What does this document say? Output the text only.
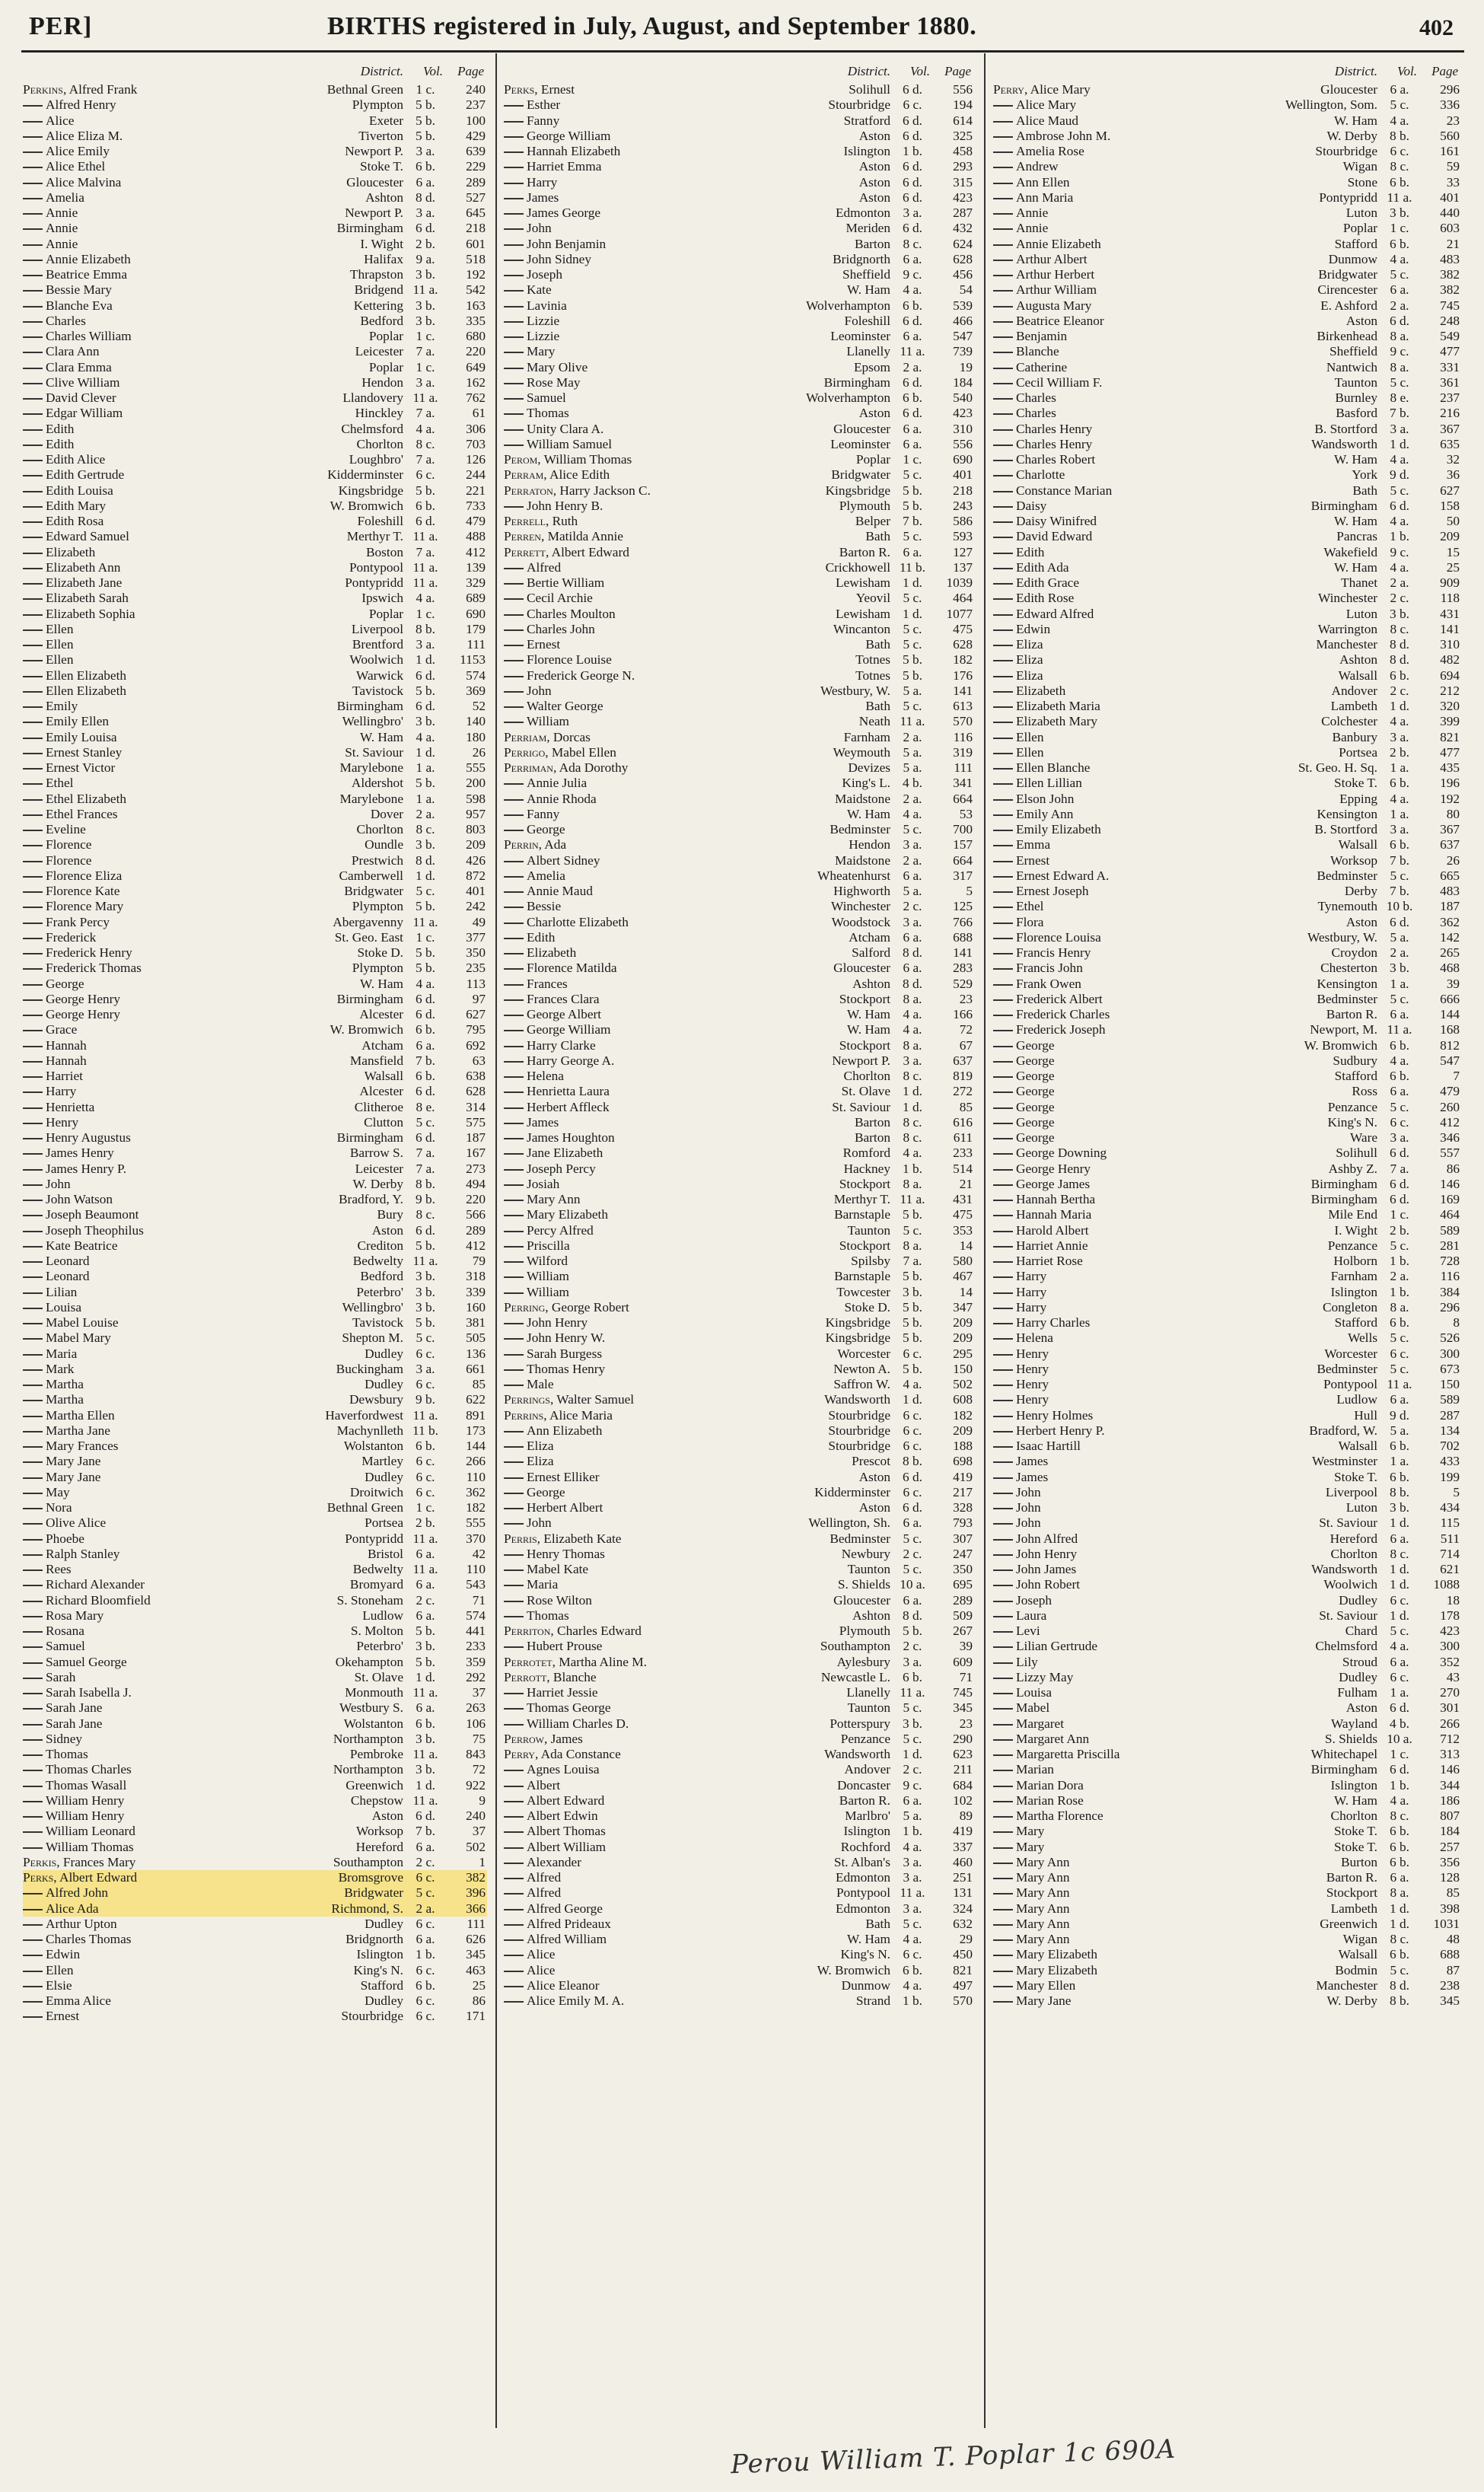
PER]	BIRTHS registered in July, August, and September 1880.	402
District. Vol. Page
Perkins, Alfred Frank	Bethnal Green 1 c.	240
Alfred Henry	Plympton 5 b.	237
Alice	Exeter 5 b.	100
Alice Eliza M.	Tiverton 5 b.	429
Alice Emily	Newport P. 3 a.	639
Alice Ethel	Stoke T. 6 b.	229
Alice Malvina	Gloucester 6 a.	289
Amelia	Ashton 8 d.	527
Annie	Newport P. 3 a.	645
Annie	Birmingham 6 d.	218
Annie	I. Wight 2 b.	601
Annie Elizabeth	Halifax 9 a.	518
Beatrice Emma	Thrapston 3 b.	192
Bessie Mary	Bridgend 11 a.	542
Blanche Eva	Kettering 3 b.	163
Charles	Bedford 3 b.	335
Charles William	Poplar 1 c.	680
Clara Ann	Leicester 7 a.	220
Clara Emma	Poplar 1 c.	649
Clive William	Hendon 3 a.	162
David Clever	Llandovery 11 a.	762
Edgar William	Hinckley 7 a.	61
Edith	Chelmsford 4 a.	306
Edith	Chorlton 8 c.	703
Edith Alice	Loughbro' 7 a.	126
Edith Gertrude	Kidderminster 6 c.	244
Edith Louisa	Kingsbridge 5 b.	221
Edith Mary	W. Bromwich 6 b.	733
Edith Rosa	Foleshill 6 d.	479
Edward Samuel	Merthyr T. 11 a.	488
Elizabeth	Boston 7 a.	412
Elizabeth Ann	Pontypool 11 a.	139
Elizabeth Jane	Pontypridd 11 a.	329
Elizabeth Sarah	Ipswich 4 a.	689
Elizabeth Sophia	Poplar 1 c.	690
Ellen	Liverpool 8 b.	179
Ellen	Brentford 3 a.	111
Ellen	Woolwich 1 d.	1153
Ellen Elizabeth	Warwick 6 d.	574
Ellen Elizabeth	Tavistock 5 b.	369
Emily	Birmingham 6 d.	52
Emily Ellen	Wellingbro' 3 b.	140
Emily Louisa	W. Ham 4 a.	180
Ernest Stanley	St. Saviour 1 d.	26
Ernest Victor	Marylebone 1 a.	555
Ethel	Aldershot 5 b.	200
Ethel Elizabeth	Marylebone 1 a.	598
Ethel Frances	Dover 2 a.	957
Eveline	Chorlton 8 c.	803
Florence	Oundle 3 b.	209
Florence	Prestwich 8 d.	426
Florence Eliza	Camberwell 1 d.	872
Florence Kate	Bridgwater 5 c.	401
Florence Mary	Plympton 5 b.	242
Frank Percy	Abergavenny 11 a.	49
Frederick	St. Geo. East 1 c.	377
Frederick Henry	Stoke D. 5 b.	350
Frederick Thomas	Plympton 5 b.	235
George	W. Ham 4 a.	113
George Henry	Birmingham 6 d.	97
George Henry	Alcester 6 d.	627
Grace	W. Bromwich 6 b.	795
Hannah	Atcham 6 a.	692
Hannah	Mansfield 7 b.	63
Harriet	Walsall 6 b.	638
Harry	Alcester 6 d.	628
Henrietta	Clitheroe 8 e.	314
Henry	Clutton 5 c.	575
Henry Augustus	Birmingham 6 d.	187
James Henry	Barrow S. 7 a.	167
James Henry P.	Leicester 7 a.	273
John	W. Derby 8 b.	494
John Watson	Bradford, Y. 9 b.	220
Joseph Beaumont	Bury 8 c.	566
Joseph Theophilus	Aston 6 d.	289
Kate Beatrice	Crediton 5 b.	412
Leonard	Bedwelty 11 a.	79
Leonard	Bedford 3 b.	318
Lilian	Peterbro' 3 b.	339
Louisa	Wellingbro' 3 b.	160
Mabel Louise	Tavistock 5 b.	381
Mabel Mary	Shepton M. 5 c.	505
Maria	Dudley 6 c.	136
Mark	Buckingham 3 a.	661
Martha	Dudley 6 c.	85
Martha	Dewsbury 9 b.	622
Martha Ellen	Haverfordwest 11 a.	891
Martha Jane	Machynlleth 11 b.	173
Mary Frances	Wolstanton 6 b.	144
Mary Jane	Martley 6 c.	266
Mary Jane	Dudley 6 c.	110
May	Droitwich 6 c.	362
Nora	Bethnal Green 1 c.	182
Olive Alice	Portsea 2 b.	555
Phoebe	Pontypridd 11 a.	370
Ralph Stanley	Bristol 6 a.	42
Rees	Bedwelty 11 a.	110
Richard Alexander	Bromyard 6 a.	543
Richard Bloomfield	S. Stoneham 2 c.	71
Rosa Mary	Ludlow 6 a.	574
Rosana	S. Molton 5 b.	441
Samuel	Peterbro' 3 b.	233
Samuel George	Okehampton 5 b.	359
Sarah	St. Olave 1 d.	292
Sarah Isabella J.	Monmouth 11 a.	37
Sarah Jane	Westbury S. 6 a.	263
Sarah Jane	Wolstanton 6 b.	106
Sidney	Northampton 3 b.	75
Thomas	Pembroke 11 a.	843
Thomas Charles	Northampton 3 b.	72
Thomas Wasall	Greenwich 1 d.	922
William Henry	Chepstow 11 a.	9
William Henry	Aston 6 d.	240
William Leonard	Worksop 7 b.	37
William Thomas	Hereford 6 a.	502
Perkis, Frances Mary	Southampton 2 c.	1
Perks, Albert Edward	Bromsgrove 6 c.	382
Alfred John	Bridgwater 5 c.	396
Alice Ada	Richmond, S. 2 a.	366
Arthur Upton	Dudley 6 c.	111
Charles Thomas	Bridgnorth 6 a.	626
Edwin	Islington 1 b.	345
Ellen	King's N. 6 c.	463
Elsie	Stafford 6 b.	25
Emma Alice	Dudley 6 c.	86
Ernest	Stourbridge 6 c.	171
District. Vol. Page
Perks, Ernest	Solihull 6 d.	556
Esther	Stourbridge 6 c.	194
Fanny	Stratford 6 d.	614
George William	Aston 6 d.	325
Hannah Elizabeth	Islington 1 b.	458
Harriet Emma	Aston 6 d.	293
Harry	Aston 6 d.	315
James	Aston 6 d.	423
James George	Edmonton 3 a.	287
John	Meriden 6 d.	432
John Benjamin	Barton 8 c.	624
John Sidney	Bridgnorth 6 a.	628
Joseph	Sheffield 9 c.	456
Kate	W. Ham 4 a.	54
Lavinia	Wolverhampton 6 b.	539
Lizzie	Foleshill 6 d.	466
Lizzie	Leominster 6 a.	547
Mary	Llanelly 11 a.	739
Mary Olive	Epsom 2 a.	19
Rose May	Birmingham 6 d.	184
Samuel	Wolverhampton 6 b.	540
Thomas	Aston 6 d.	423
Unity Clara A.	Gloucester 6 a.	310
William Samuel	Leominster 6 a.	556
Perom, William Thomas	Poplar 1 c.	690
Perram, Alice Edith	Bridgwater 5 c.	401
Perraton, Harry Jackson C.	Kingsbridge 5 b.	218
John Henry B.	Plymouth 5 b.	243
Perrell, Ruth	Belper 7 b.	586
Perren, Matilda Annie	Bath 5 c.	593
Perrett, Albert Edward	Barton R. 6 a.	127
Alfred	Crickhowell 11 b.	137
Bertie William	Lewisham 1 d.	1039
Cecil Archie	Yeovil 5 c.	464
Charles Moulton	Lewisham 1 d.	1077
Charles John	Wincanton 5 c.	475
Ernest	Bath 5 c.	628
Florence Louise	Totnes 5 b.	182
Frederick George N.	Totnes 5 b.	176
John	Westbury, W. 5 a.	141
Walter George	Bath 5 c.	613
William	Neath 11 a.	570
Perriam, Dorcas	Farnham 2 a.	116
Perrigo, Mabel Ellen	Weymouth 5 a.	319
Perriman, Ada Dorothy	Devizes 5 a.	111
Annie Julia	King's L. 4 b.	341
Annie Rhoda	Maidstone 2 a.	664
Fanny	W. Ham 4 a.	53
George	Bedminster 5 c.	700
Perrin, Ada	Hendon 3 a.	157
Albert Sidney	Maidstone 2 a.	664
Amelia	Wheatenhurst 6 a.	317
Annie Maud	Highworth 5 a.	5
Bessie	Winchester 2 c.	125
Charlotte Elizabeth	Woodstock 3 a.	766
Edith	Atcham 6 a.	688
Elizabeth	Salford 8 d.	141
Florence Matilda	Gloucester 6 a.	283
Frances	Ashton 8 d.	529
Frances Clara	Stockport 8 a.	23
George Albert	W. Ham 4 a.	166
George William	W. Ham 4 a.	72
Harry Clarke	Stockport 8 a.	67
Harry George A.	Newport P. 3 a.	637
Helena	Chorlton 8 c.	819
Henrietta Laura	St. Olave 1 d.	272
Herbert Affleck	St. Saviour 1 d.	85
James	Barton 8 c.	616
James Houghton	Barton 8 c.	611
Jane Elizabeth	Romford 4 a.	233
Joseph Percy	Hackney 1 b.	514
Josiah	Stockport 8 a.	21
Mary Ann	Merthyr T. 11 a.	431
Mary Elizabeth	Barnstaple 5 b.	475
Percy Alfred	Taunton 5 c.	353
Priscilla	Stockport 8 a.	14
Wilford	Spilsby 7 a.	580
William	Barnstaple 5 b.	467
William	Towcester 3 b.	14
Perring, George Robert	Stoke D. 5 b.	347
John Henry	Kingsbridge 5 b.	209
John Henry W.	Kingsbridge 5 b.	209
Sarah Burgess	Worcester 6 c.	295
Thomas Henry	Newton A. 5 b.	150
Male	Saffron W. 4 a.	502
Perrings, Walter Samuel	Wandsworth 1 d.	608
Perrins, Alice Maria	Stourbridge 6 c.	182
Ann Elizabeth	Stourbridge 6 c.	209
Eliza	Stourbridge 6 c.	188
Eliza	Prescot 8 b.	698
Ernest Elliker	Aston 6 d.	419
George	Kidderminster 6 c.	217
Herbert Albert	Aston 6 d.	328
John	Wellington, Sh. 6 a.	793
Perris, Elizabeth Kate	Bedminster 5 c.	307
Henry Thomas	Newbury 2 c.	247
Mabel Kate	Taunton 5 c.	350
Maria	S. Shields 10 a.	695
Rose Wilton	Gloucester 6 a.	289
Thomas	Ashton 8 d.	509
Perriton, Charles Edward	Plymouth 5 b.	267
Hubert Prouse	Southampton 2 c.	39
Perrotet, Martha Aline M.	Aylesbury 3 a.	609
Perrott, Blanche	Newcastle L. 6 b.	71
Harriet Jessie	Llanelly 11 a.	745
Thomas George	Taunton 5 c.	345
William Charles D.	Potterspury 3 b.	23
Perrow, James	Penzance 5 c.	290
Perry, Ada Constance	Wandsworth 1 d.	623
Agnes Louisa	Andover 2 c.	211
Albert	Doncaster 9 c.	684
Albert Edward	Barton R. 6 a.	102
Albert Edwin	Marlbro' 5 a.	89
Albert Thomas	Islington 1 b.	419
Albert William	Rochford 4 a.	337
Alexander	St. Alban's 3 a.	460
Alfred	Edmonton 3 a.	251
Alfred	Pontypool 11 a.	131
Alfred George	Edmonton 3 a.	324
Alfred Prideaux	Bath 5 c.	632
Alfred William	W. Ham 4 a.	29
Alice	King's N. 6 c.	450
Alice	W. Bromwich 6 b.	821
Alice Eleanor	Dunmow 4 a.	497
Alice Emily M. A.	Strand 1 b.	570
District. Vol. Page
Perry, Alice Mary	Gloucester 6 a.	296
Alice Mary	Wellington, Som. 5 c.	336
Alice Maud	W. Ham 4 a.	23
Ambrose John M.	W. Derby 8 b.	560
Amelia Rose	Stourbridge 6 c.	161
Andrew	Wigan 8 c.	59
Ann Ellen	Stone 6 b.	33
Ann Maria	Pontypridd 11 a.	401
Annie	Luton 3 b.	440
Annie	Poplar 1 c.	603
Annie Elizabeth	Stafford 6 b.	21
Arthur Albert	Dunmow 4 a.	483
Arthur Herbert	Bridgwater 5 c.	382
Arthur William	Cirencester 6 a.	382
Augusta Mary	E. Ashford 2 a.	745
Beatrice Eleanor	Aston 6 d.	248
Benjamin	Birkenhead 8 a.	549
Blanche	Sheffield 9 c.	477
Catherine	Nantwich 8 a.	331
Cecil William F.	Taunton 5 c.	361
Charles	Burnley 8 e.	237
Charles	Basford 7 b.	216
Charles Henry	B. Stortford 3 a.	367
Charles Henry	Wandsworth 1 d.	635
Charles Robert	W. Ham 4 a.	32
Charlotte	York 9 d.	36
Constance Marian	Bath 5 c.	627
Daisy	Birmingham 6 d.	158
Daisy Winifred	W. Ham 4 a.	50
David Edward	Pancras 1 b.	209
Edith	Wakefield 9 c.	15
Edith Ada	W. Ham 4 a.	25
Edith Grace	Thanet 2 a.	909
Edith Rose	Winchester 2 c.	118
Edward Alfred	Luton 3 b.	431
Edwin	Warrington 8 c.	141
Eliza	Manchester 8 d.	310
Eliza	Ashton 8 d.	482
Eliza	Walsall 6 b.	694
Elizabeth	Andover 2 c.	212
Elizabeth Maria	Lambeth 1 d.	320
Elizabeth Mary	Colchester 4 a.	399
Ellen	Banbury 3 a.	821
Ellen	Portsea 2 b.	477
Ellen Blanche	St. Geo. H. Sq. 1 a.	435
Ellen Lillian	Stoke T. 6 b.	196
Elson John	Epping 4 a.	192
Emily Ann	Kensington 1 a.	80
Emily Elizabeth	B. Stortford 3 a.	367
Emma	Walsall 6 b.	637
Ernest	Worksop 7 b.	26
Ernest Edward A.	Bedminster 5 c.	665
Ernest Joseph	Derby 7 b.	483
Ethel	Tynemouth 10 b.	187
Flora	Aston 6 d.	362
Florence Louisa	Westbury, W. 5 a.	142
Francis Henry	Croydon 2 a.	265
Francis John	Chesterton 3 b.	468
Frank Owen	Kensington 1 a.	39
Frederick Albert	Bedminster 5 c.	666
Frederick Charles	Barton R. 6 a.	144
Frederick Joseph	Newport, M. 11 a.	168
George	W. Bromwich 6 b.	812
George	Sudbury 4 a.	547
George	Stafford 6 b.	7
George	Ross 6 a.	479
George	Penzance 5 c.	260
George	King's N. 6 c.	412
George	Ware 3 a.	346
George Downing	Solihull 6 d.	557
George Henry	Ashby Z. 7 a.	86
George James	Birmingham 6 d.	146
Hannah Bertha	Birmingham 6 d.	169
Hannah Maria	Mile End 1 c.	464
Harold Albert	I. Wight 2 b.	589
Harriet Annie	Penzance 5 c.	281
Harriet Rose	Holborn 1 b.	728
Harry	Farnham 2 a.	116
Harry	Islington 1 b.	384
Harry	Congleton 8 a.	296
Harry Charles	Stafford 6 b.	8
Helena	Wells 5 c.	526
Henry	Worcester 6 c.	300
Henry	Bedminster 5 c.	673
Henry	Pontypool 11 a.	150
Henry	Ludlow 6 a.	589
Henry Holmes	Hull 9 d.	287
Herbert Henry P.	Bradford, W. 5 a.	134
Isaac Hartill	Walsall 6 b.	702
James	Westminster 1 a.	433
James	Stoke T. 6 b.	199
John	Liverpool 8 b.	5
John	Luton 3 b.	434
John	St. Saviour 1 d.	115
John Alfred	Hereford 6 a.	511
John Henry	Chorlton 8 c.	714
John James	Wandsworth 1 d.	621
John Robert	Woolwich 1 d.	1088
Joseph	Dudley 6 c.	18
Laura	St. Saviour 1 d.	178
Levi	Chard 5 c.	423
Lilian Gertrude	Chelmsford 4 a.	300
Lily	Stroud 6 a.	352
Lizzy May	Dudley 6 c.	43
Louisa	Fulham 1 a.	270
Mabel	Aston 6 d.	301
Margaret	Wayland 4 b.	266
Margaret Ann	S. Shields 10 a.	712
Margaretta Priscilla	Whitechapel 1 c.	313
Marian	Birmingham 6 d.	146
Marian Dora	Islington 1 b.	344
Marian Rose	W. Ham 4 a.	186
Martha Florence	Chorlton 8 c.	807
Mary	Stoke T. 6 b.	184
Mary	Stoke T. 6 b.	257
Mary Ann	Burton 6 b.	356
Mary Ann	Barton R. 6 a.	128
Mary Ann	Stockport 8 a.	85
Mary Ann	Lambeth 1 d.	398
Mary Ann	Greenwich 1 d.	1031
Mary Ann	Wigan 8 c.	48
Mary Elizabeth	Walsall 6 b.	688
Mary Elizabeth	Bodmin 5 c.	87
Mary Ellen	Manchester 8 d.	238
Mary Jane	W. Derby 8 b.	345
Perou William T. Poplar 1c 690A
